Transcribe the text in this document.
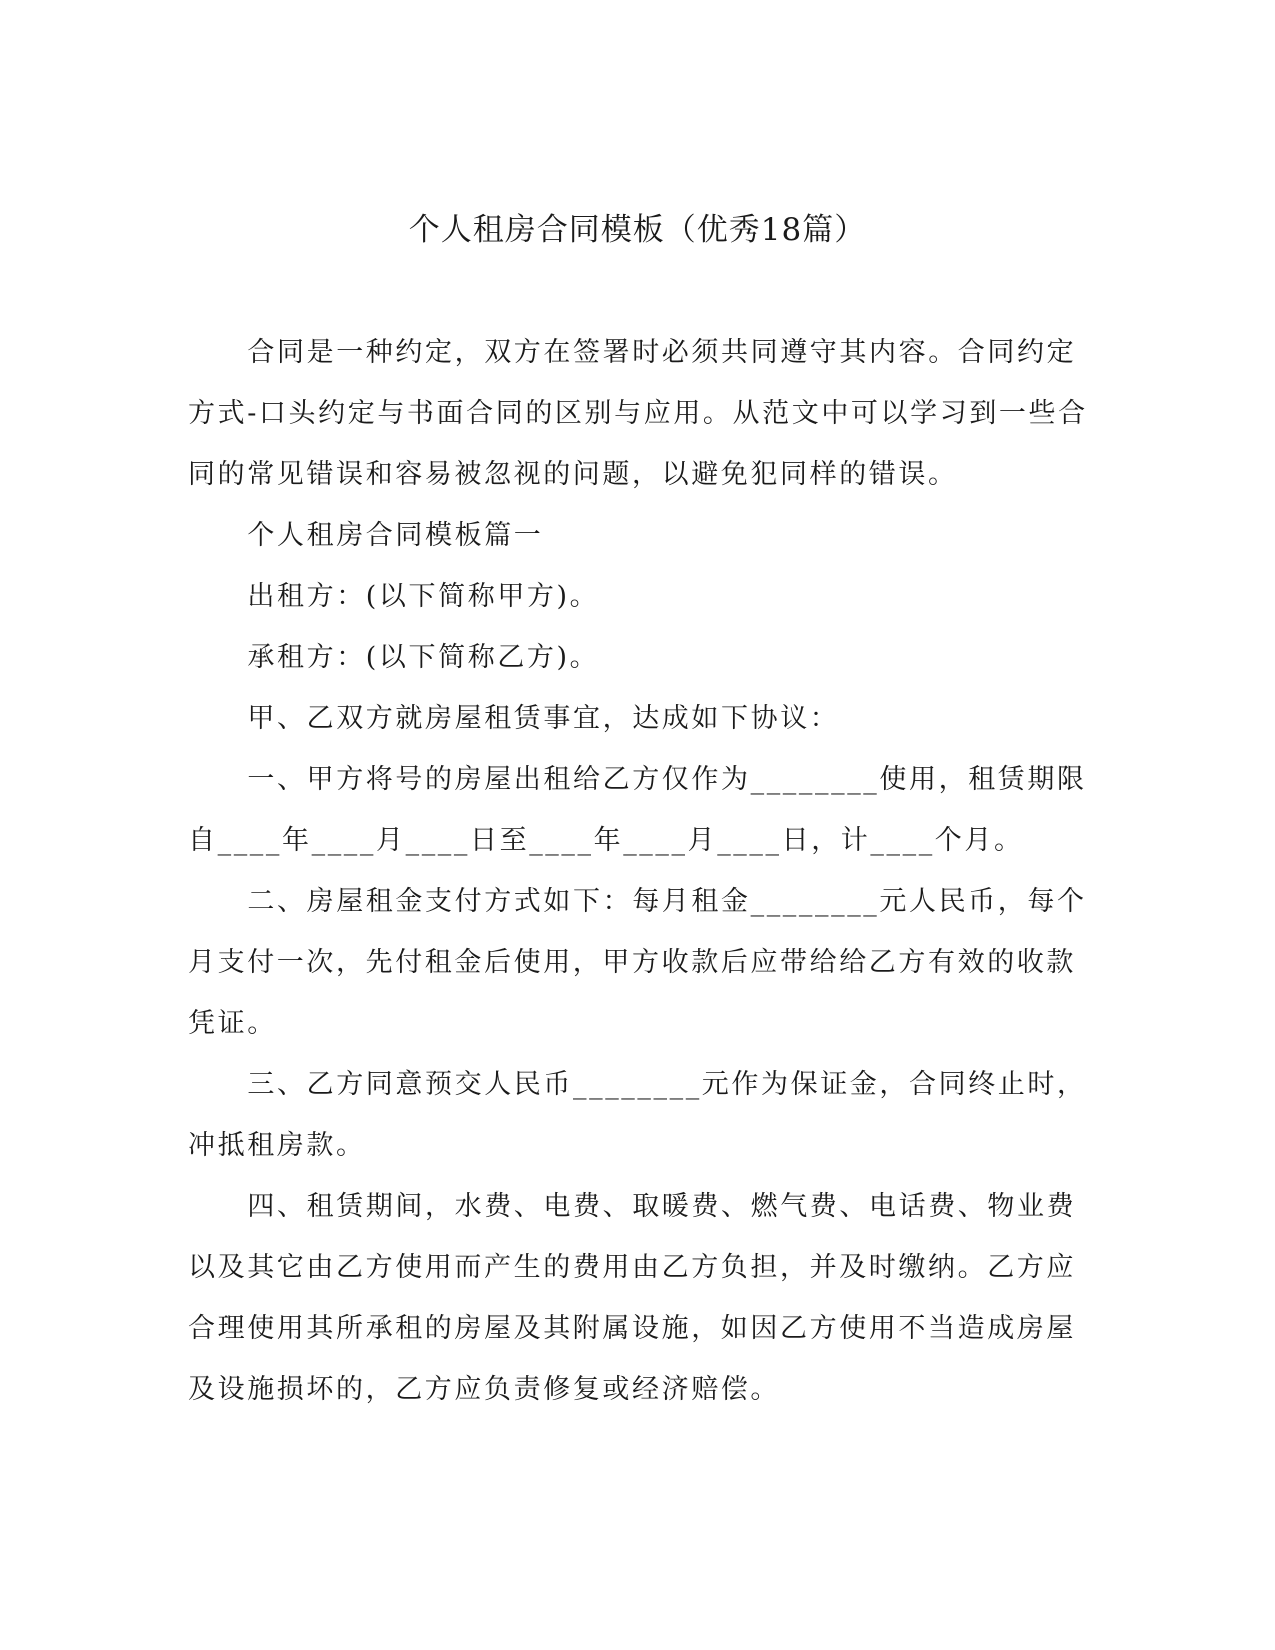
个人租房合同模板（优秀18篇）

合同是一种约定，双方在签署时必须共同遵守其内容。合同约定方式-口头约定与书面合同的区别与应用。从范文中可以学习到一些合同的常见错误和容易被忽视的问题，以避免犯同样的错误。

个人租房合同模板篇一

出租方：(以下简称甲方)。

承租方：(以下简称乙方)。

甲、乙双方就房屋租赁事宜，达成如下协议：

一、甲方将号的房屋出租给乙方仅作为________使用，租赁期限自____年____月____日至____年____月____日，计____个月。

二、房屋租金支付方式如下：每月租金________元人民币，每个月支付一次，先付租金后使用，甲方收款后应带给给乙方有效的收款凭证。

三、乙方同意预交人民币________元作为保证金，合同终止时，冲抵租房款。

四、租赁期间，水费、电费、取暖费、燃气费、电话费、物业费以及其它由乙方使用而产生的费用由乙方负担，并及时缴纳。乙方应合理使用其所承租的房屋及其附属设施，如因乙方使用不当造成房屋及设施损坏的，乙方应负责修复或经济赔偿。
